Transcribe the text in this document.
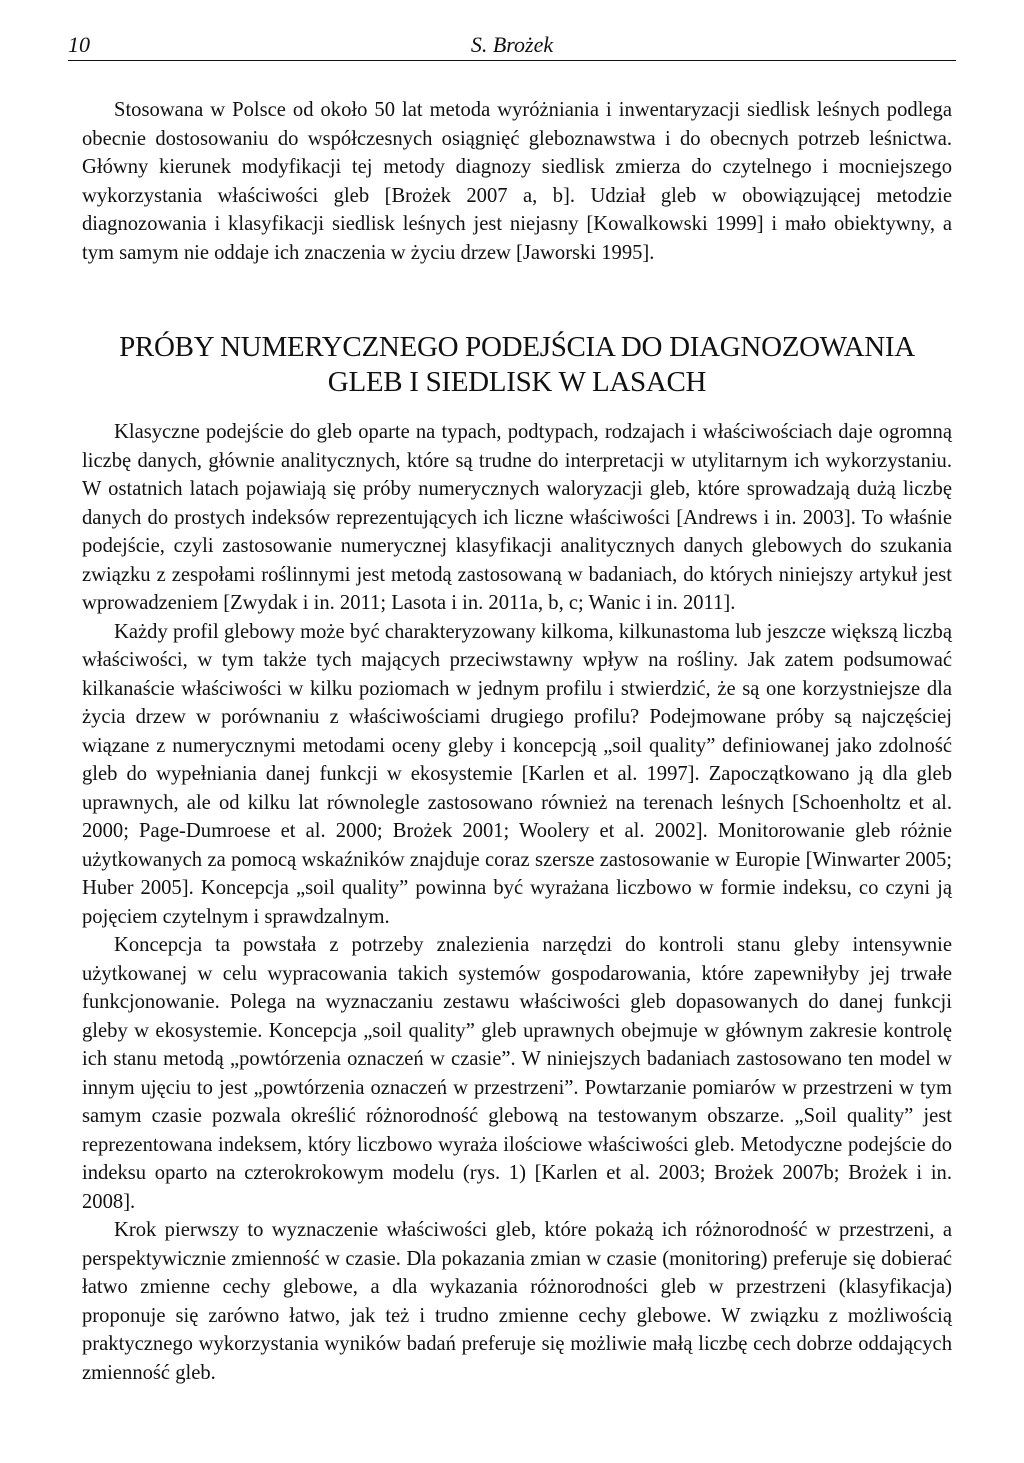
10	S. Brożek

Stosowana w Polsce od około 50 lat metoda wyróżniania i inwentaryzacji siedlisk leśnych podlega obecnie dostosowaniu do współczesnych osiągnięć gleboznawstwa i do obecnych potrzeb leśnictwa. Główny kierunek modyfikacji tej metody diagnozy siedlisk zmierza do czytelnego i mocniejszego wykorzystania właściwości gleb [Brożek 2007 a, b]. Udział gleb w obowiązującej metodzie diagnozowania i klasyfikacji siedlisk leśnych jest niejasny [Kowalkowski 1999] i mało obiektywny, a tym samym nie oddaje ich znaczenia w życiu drzew [Jaworski 1995].

PRÓBY NUMERYCZNEGO PODEJŚCIA DO DIAGNOZOWANIA
GLEB I SIEDLISK W LASACH

Klasyczne podejście do gleb oparte na typach, podtypach, rodzajach i właściwościach daje ogromną liczbę danych, głównie analitycznych, które są trudne do interpretacji w utylitarnym ich wykorzystaniu. W ostatnich latach pojawiają się próby numerycznych waloryzacji gleb, które sprowadzają dużą liczbę danych do prostych indeksów reprezentujących ich liczne właściwości [Andrews i in. 2003]. To właśnie podejście, czyli zastosowanie numerycznej klasyfikacji analitycznych danych glebowych do szukania związku z zespołami roślinnymi jest metodą zastosowaną w badaniach, do których niniejszy artykuł jest wprowadzeniem [Zwydak i in. 2011; Lasota i in. 2011a, b, c; Wanic i in. 2011].

Każdy profil glebowy może być charakteryzowany kilkoma, kilkunastoma lub jeszcze większą liczbą właściwości, w tym także tych mających przeciwstawny wpływ na rośliny. Jak zatem podsumować kilkanaście właściwości w kilku poziomach w jednym profilu i stwierdzić, że są one korzystniejsze dla życia drzew w porównaniu z właściwościami drugiego profilu? Podejmowane próby są najczęściej wiązane z numerycznymi metodami oceny gleby i koncepcją „soil quality” definiowanej jako zdolność gleb do wypełniania danej funkcji w ekosystemie [Karlen et al. 1997]. Zapoczątkowano ją dla gleb uprawnych, ale od kilku lat równolegle zastosowano również na terenach leśnych [Schoenholtz et al. 2000; Page-Dumroese et al. 2000; Brożek 2001; Woolery et al. 2002]. Monitorowanie gleb różnie użytkowanych za pomocą wskaźników znajduje coraz szersze zastosowanie w Europie [Winwarter 2005; Huber 2005]. Koncepcja „soil quality” powinna być wyrażana liczbowo w formie indeksu, co czyni ją pojęciem czytelnym i sprawdzalnym.

Koncepcja ta powstała z potrzeby znalezienia narzędzi do kontroli stanu gleby intensywnie użytkowanej w celu wypracowania takich systemów gospodarowania, które zapewniłyby jej trwałe funkcjonowanie. Polega na wyznaczaniu zestawu właściwości gleb dopasowanych do danej funkcji gleby w ekosystemie. Koncepcja „soil quality” gleb uprawnych obejmuje w głównym zakresie kontrolę ich stanu metodą „powtórzenia oznaczeń w czasie”. W niniejszych badaniach zastosowano ten model w innym ujęciu to jest „powtórzenia oznaczeń w przestrzeni”. Powtarzanie pomiarów w przestrzeni w tym samym czasie pozwala określić różnorodność glebową na testowanym obszarze. „Soil quality” jest reprezentowana indeksem, który liczbowo wyraża ilościowe właściwości gleb. Metodyczne podejście do indeksu oparto na czterokrokowym modelu (rys. 1) [Karlen et al. 2003; Brożek 2007b; Brożek i in. 2008].

Krok pierwszy to wyznaczenie właściwości gleb, które pokażą ich różnorodność w przestrzeni, a perspektywicznie zmienność w czasie. Dla pokazania zmian w czasie (monitoring) preferuje się dobierać łatwo zmienne cechy glebowe, a dla wykazania różnorodności gleb w przestrzeni (klasyfikacja) proponuje się zarówno łatwo, jak też i trudno zmienne cechy glebowe. W związku z możliwością praktycznego wykorzystania wyników badań preferuje się możliwie małą liczbę cech dobrze oddających zmienność gleb.
